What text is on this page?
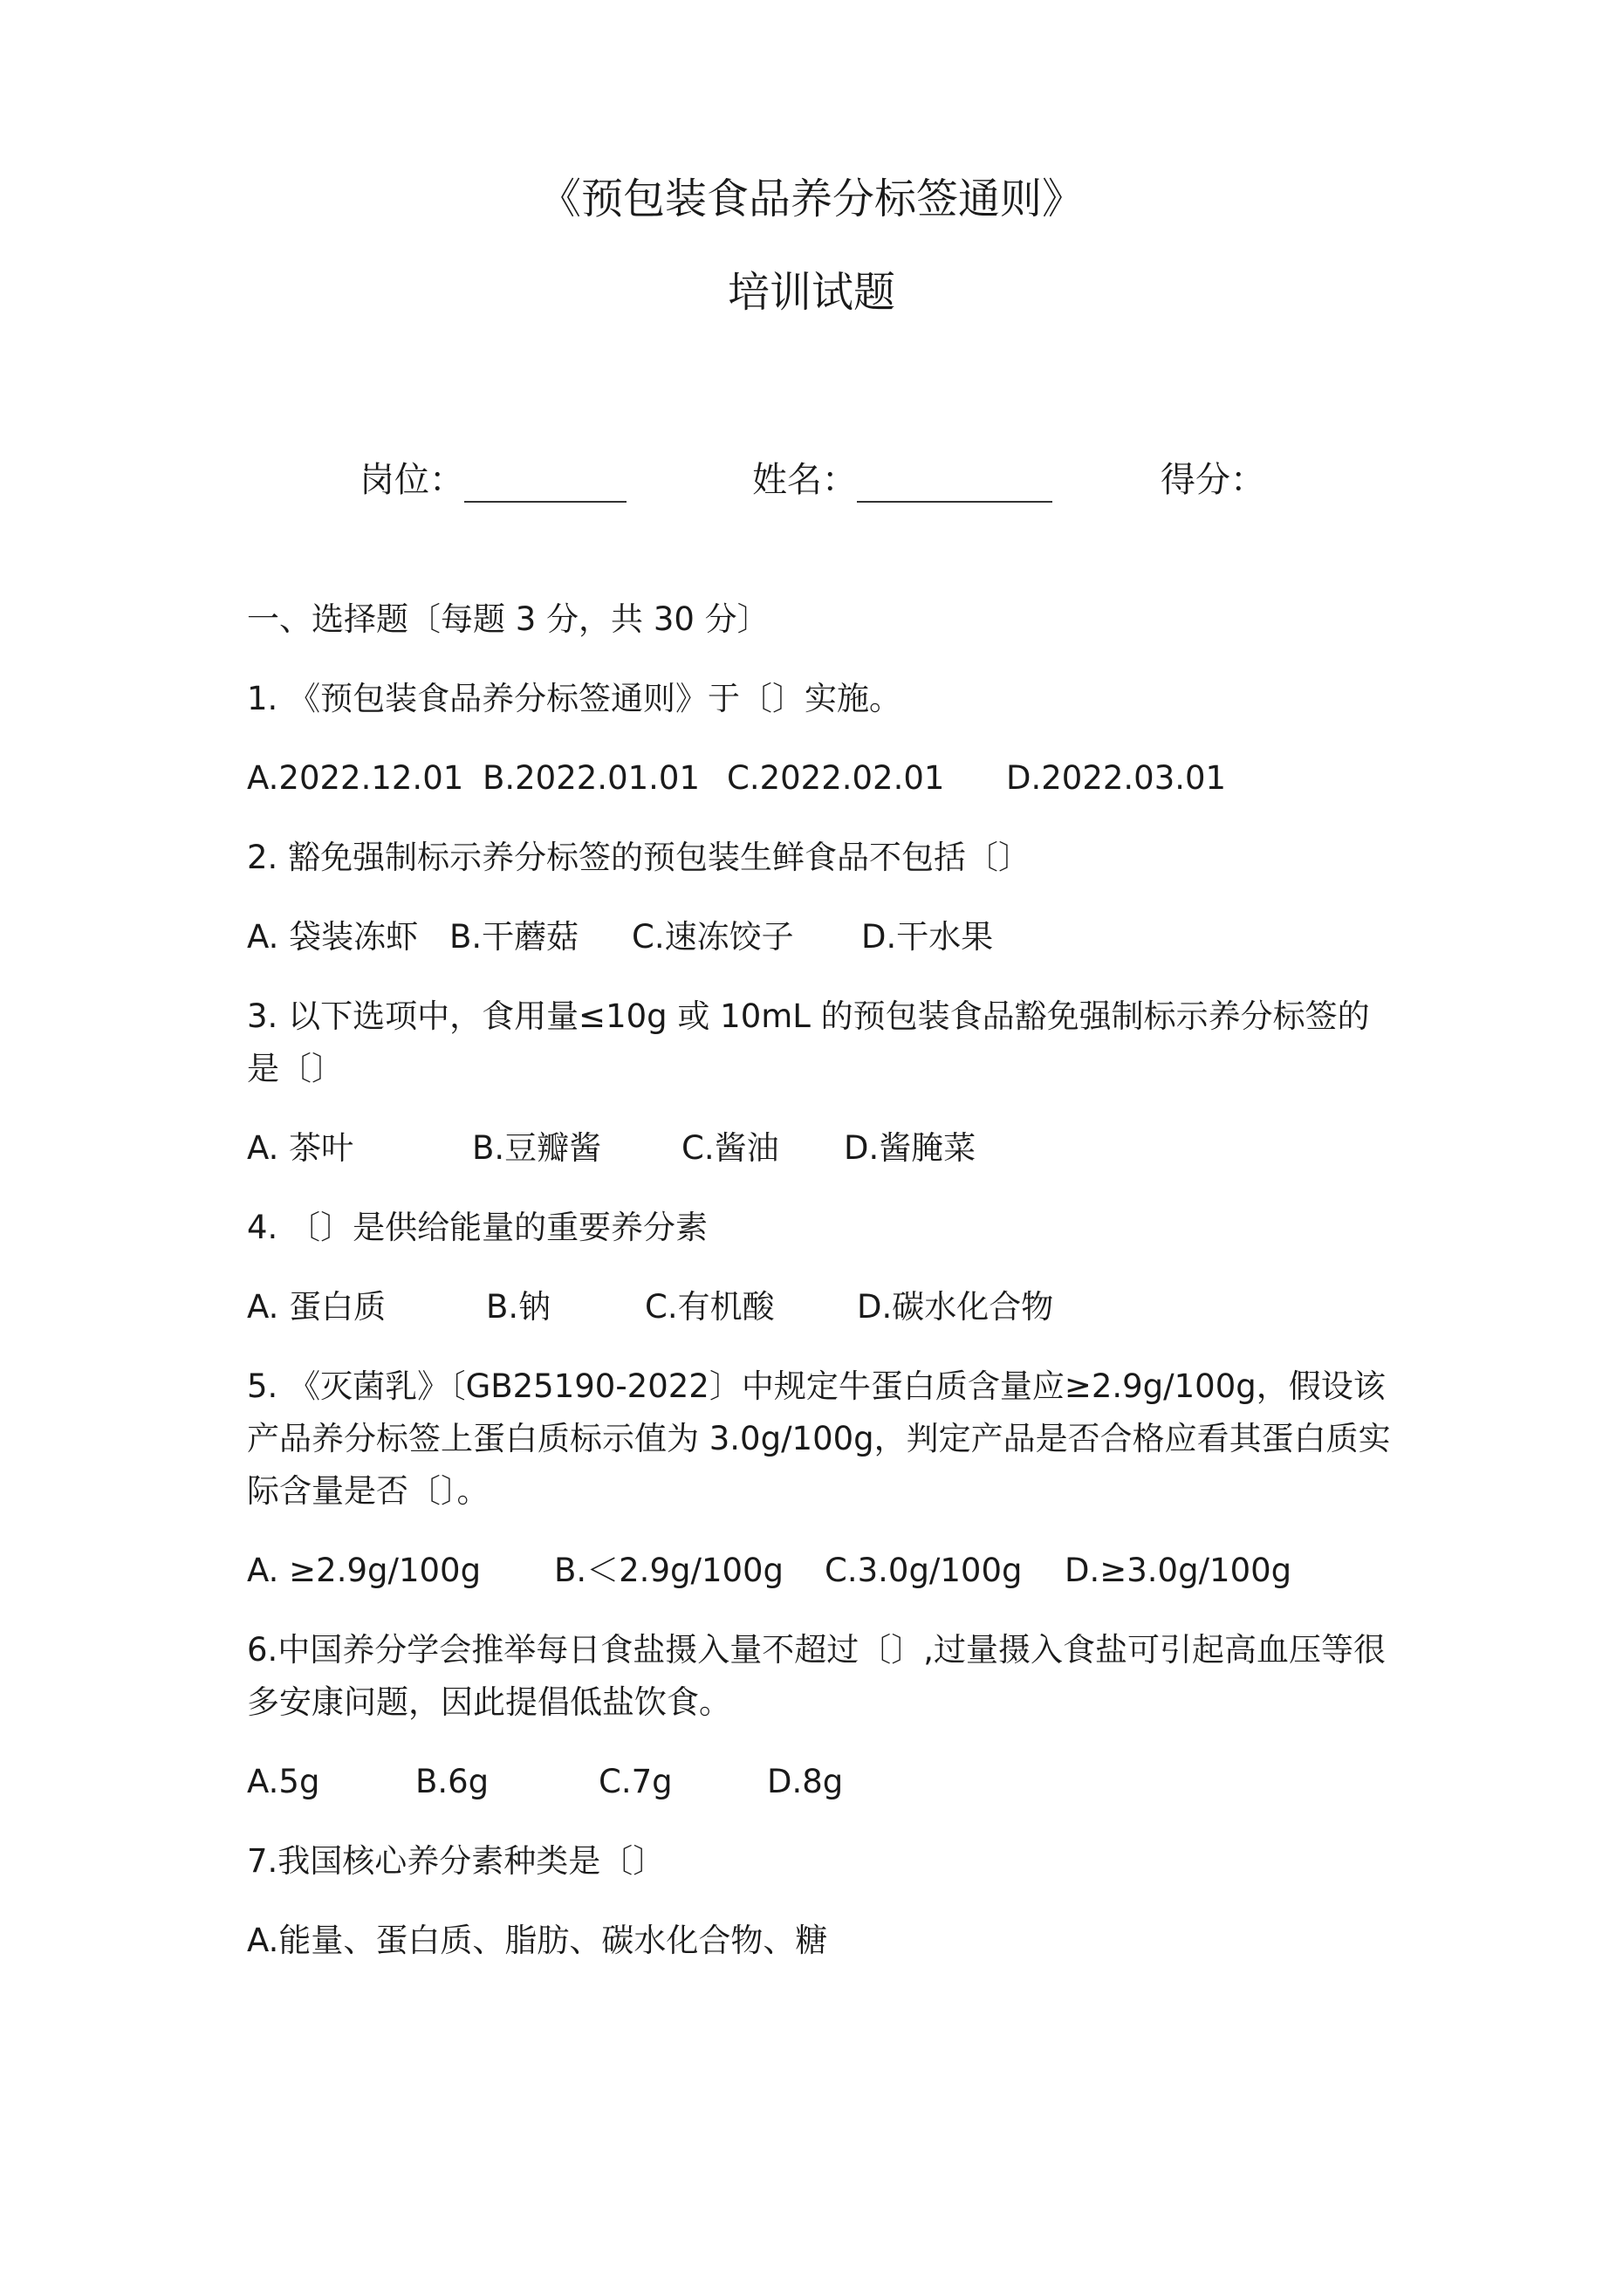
《预包装食品养分标签通则》
培训试题
岗位：	姓名：	得分：
一、选择题〔每题 3 分，共 30 分〕
1. 《预包装食品养分标签通则》于〔〕实施。
A.2022.12.01 B.2022.01.01 C.2022.02.01	D.2022.03.01
2. 豁免强制标示养分标签的预包装生鲜食品不包括〔〕
A. 袋装冻虾 B.干蘑菇	C.速冻饺子	D.干水果
3. 以下选项中，食用量≤10g 或 10mL 的预包装食品豁免强制标示养分标签的是〔〕
A. 茶叶	B.豆瓣酱	C.酱油	D.酱腌菜
4. 〔〕是供给能量的重要养分素
A. 蛋白质	B.钠	C.有机酸	D.碳水化合物
5. 《灭菌乳》〔GB25190-2022〕中规定牛蛋白质含量应≥2.9g/100g，假设该产品养分标签上蛋白质标示值为 3.0g/100g，判定产品是否合格应看其蛋白质实际含量是否〔〕。
A. ≥2.9g/100g	B.＜2.9g/100g	C.3.0g/100g	D.≥3.0g/100g
6.中国养分学会推举每日食盐摄入量不超过〔〕,过量摄入食盐可引起高血压等很多安康问题，因此提倡低盐饮食。
A.5g	B.6g	C.7g	D.8g
7.我国核心养分素种类是〔〕
A.能量、蛋白质、脂肪、碳水化合物、糖
